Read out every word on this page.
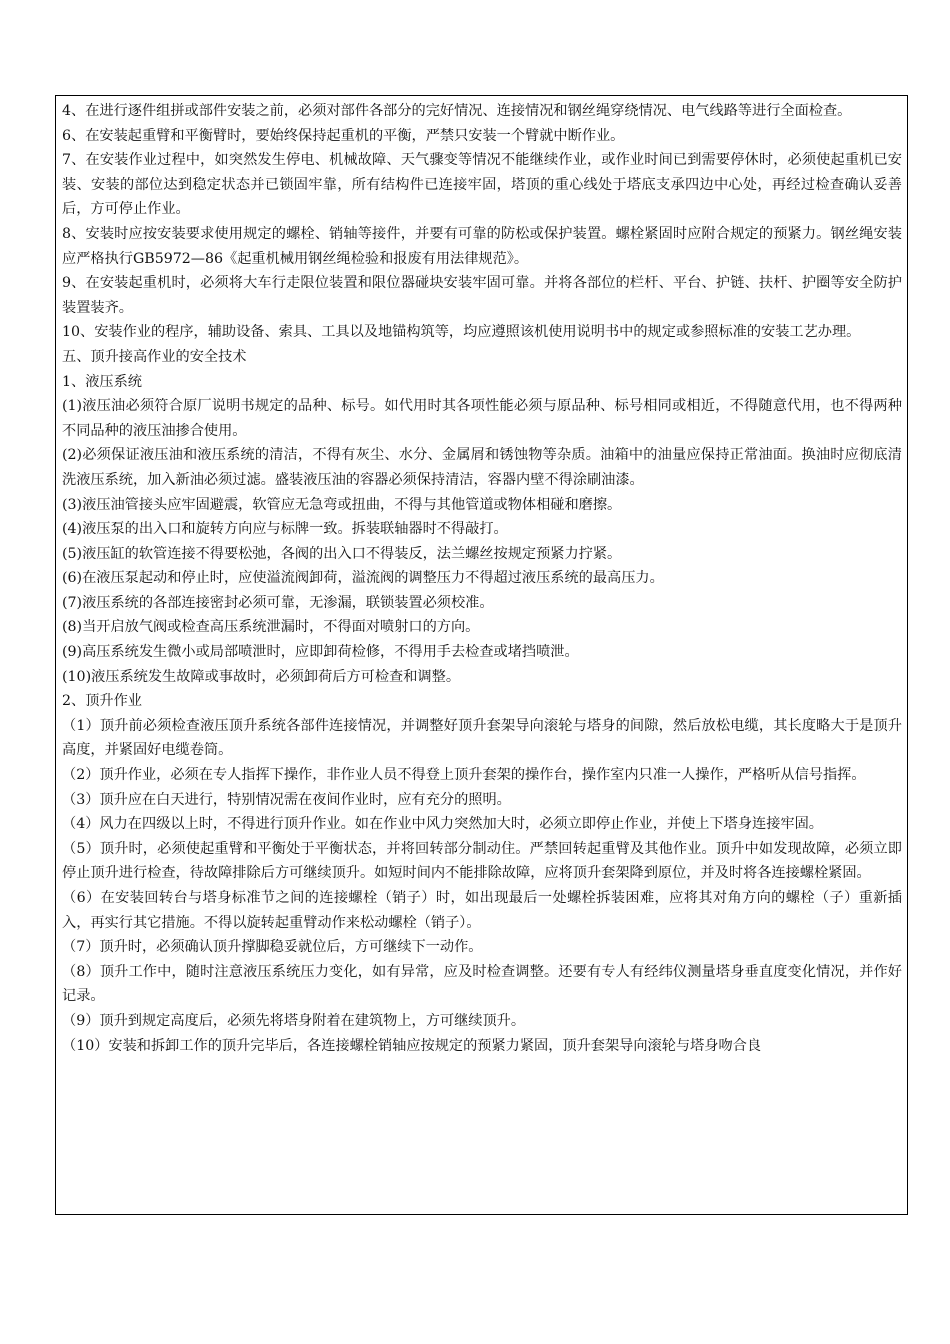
4、在进行逐件组拼或部件安装之前，必须对部件各部分的完好情况、连接情况和钢丝绳穿绕情况、电气线路等进行全面检查。

6、在安装起重臂和平衡臂时，要始终保持起重机的平衡，严禁只安装一个臂就中断作业。

7、在安装作业过程中，如突然发生停电、机械故障、天气骤变等情况不能继续作业，或作业时间已到需要停休时，必须使起重机已安装、安装的部位达到稳定状态并已锁固牢靠，所有结构件已连接牢固，塔顶的重心线处于塔底支承四边中心处，再经过检查确认妥善后，方可停止作业。

8、安装时应按安装要求使用规定的螺栓、销轴等接件，并要有可靠的防松或保护装置。螺栓紧固时应附合规定的预紧力。钢丝绳安装应严格执行GB5972—86《起重机械用钢丝绳检验和报废有用法律规范》。

9、在安装起重机时，必须将大车行走限位装置和限位器碰块安装牢固可靠。并将各部位的栏杆、平台、护链、扶杆、护圈等安全防护装置装齐。

10、安装作业的程序，辅助设备、索具、工具以及地锚构筑等，均应遵照该机使用说明书中的规定或参照标准的安装工艺办理。

五、顶升接高作业的安全技术

1、液压系统

(1)液压油必须符合原厂说明书规定的品种、标号。如代用时其各项性能必须与原品种、标号相同或相近，不得随意代用，也不得两种不同品种的液压油掺合使用。

(2)必须保证液压油和液压系统的清洁，不得有灰尘、水分、金属屑和锈蚀物等杂质。油箱中的油量应保持正常油面。换油时应彻底清洗液压系统，加入新油必须过滤。盛装液压油的容器必须保持清洁，容器内壁不得涂刷油漆。

(3)液压油管接头应牢固避震，软管应无急弯或扭曲，不得与其他管道或物体相碰和磨擦。

(4)液压泵的出入口和旋转方向应与标牌一致。拆装联轴器时不得敲打。

(5)液压缸的软管连接不得要松弛，各阀的出入口不得装反，法兰螺丝按规定预紧力拧紧。

(6)在液压泵起动和停止时，应使溢流阀卸荷，溢流阀的调整压力不得超过液压系统的最高压力。

(7)液压系统的各部连接密封必须可靠，无渗漏，联锁装置必须校准。

(8)当开启放气阀或检查高压系统泄漏时，不得面对喷射口的方向。

(9)高压系统发生微小或局部喷泄时，应即卸荷检修，不得用手去检查或堵挡喷泄。

(10)液压系统发生故障或事故时，必须卸荷后方可检查和调整。

2、顶升作业

（1）顶升前必须检查液压顶升系统各部件连接情况，并调整好顶升套架导向滚轮与塔身的间隙，然后放松电缆，其长度略大于是顶升高度，并紧固好电缆卷筒。

（2）顶升作业，必须在专人指挥下操作，非作业人员不得登上顶升套架的操作台，操作室内只准一人操作，严格听从信号指挥。

（3）顶升应在白天进行，特别情况需在夜间作业时，应有充分的照明。

（4）风力在四级以上时，不得进行顶升作业。如在作业中风力突然加大时，必须立即停止作业，并使上下塔身连接牢固。

（5）顶升时，必须使起重臂和平衡处于平衡状态，并将回转部分制动住。严禁回转起重臂及其他作业。顶升中如发现故障，必须立即停止顶升进行检查，待故障排除后方可继续顶升。如短时间内不能排除故障，应将顶升套架降到原位，并及时将各连接螺栓紧固。

（6）在安装回转台与塔身标准节之间的连接螺栓（销子）时，如出现最后一处螺栓拆装困难，应将其对角方向的螺栓（子）重新插入，再实行其它措施。不得以旋转起重臂动作来松动螺栓（销子）。

（7）顶升时，必须确认顶升撑脚稳妥就位后，方可继续下一动作。

（8）顶升工作中，随时注意液压系统压力变化，如有异常，应及时检查调整。还要有专人有经纬仪测量塔身垂直度变化情况，并作好记录。

（9）顶升到规定高度后，必须先将塔身附着在建筑物上，方可继续顶升。

（10）安装和拆卸工作的顶升完毕后，各连接螺栓销轴应按规定的预紧力紧固，顶升套架导向滚轮与塔身吻合良
